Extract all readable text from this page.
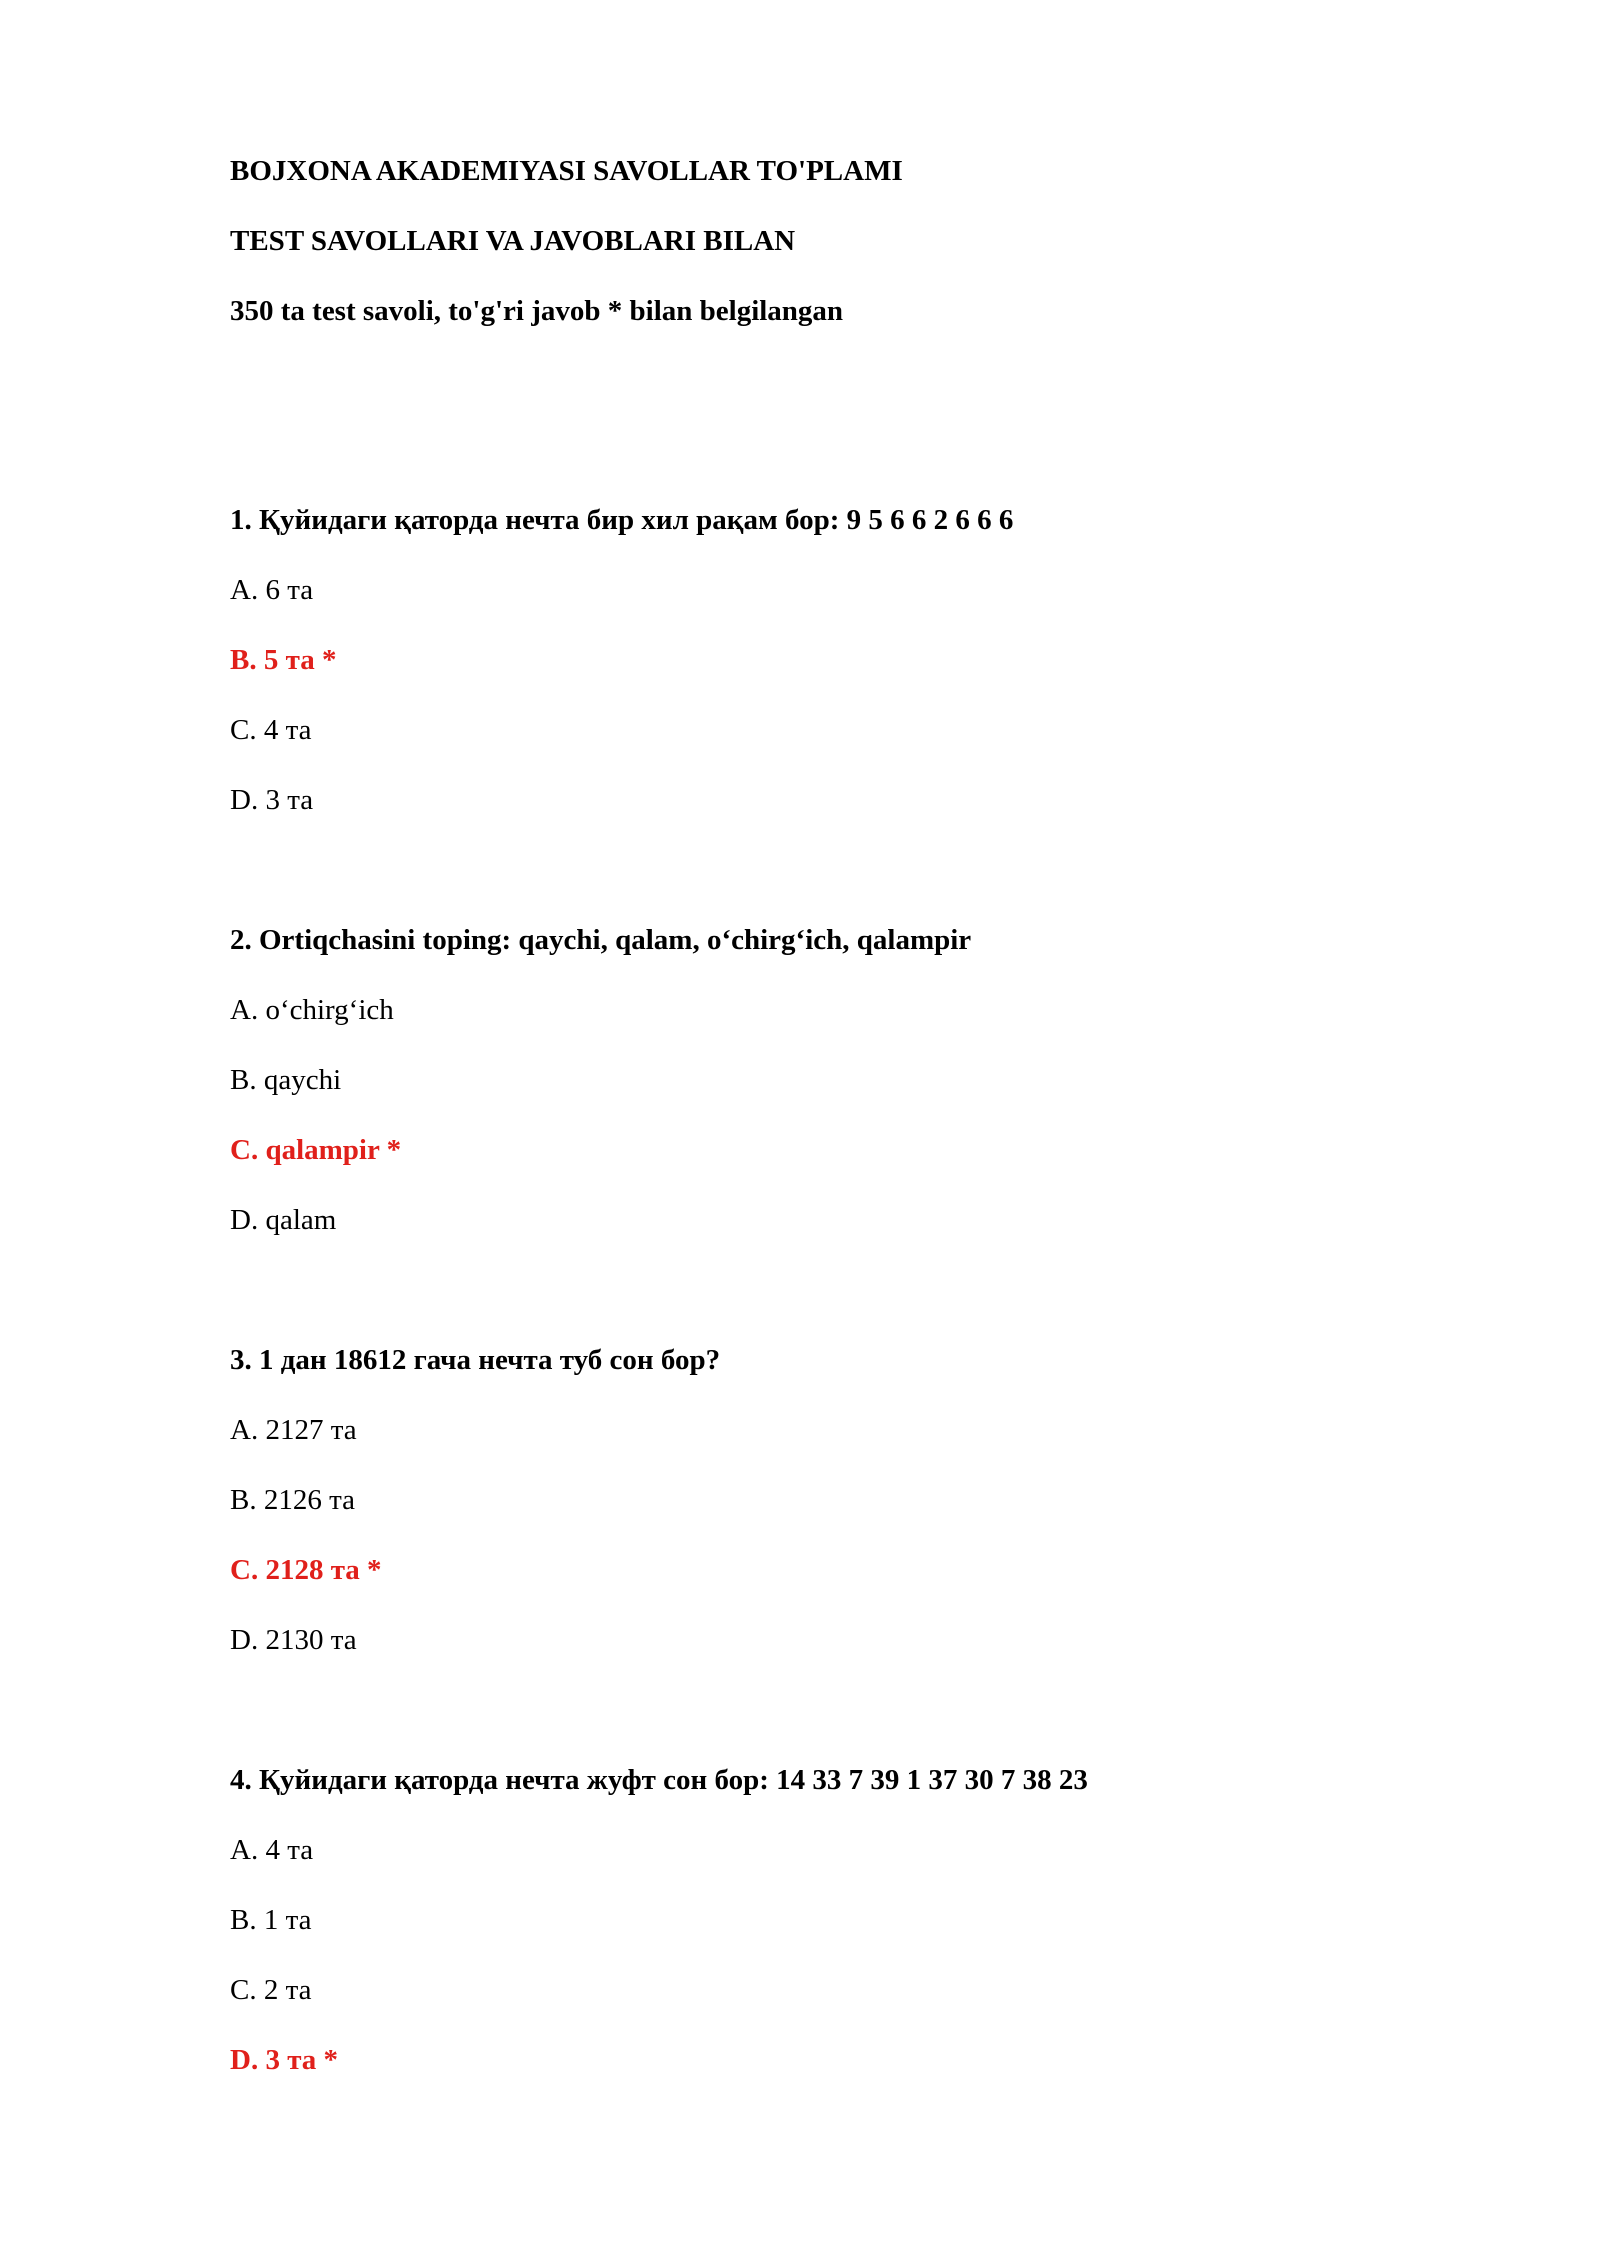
BOJXONA AKADEMIYASI SAVOLLAR TO'PLAMI
TEST SAVOLLARI VA JAVOBLARI BILAN
350 ta test savoli, to'g'ri javob * bilan belgilangan
1. Қуйидаги қаторда нечта бир хил рақам бор: 9 5 6 6 2 6 6 6
A. 6 та
B. 5 та *
C. 4 та
D. 3 та
2. Ortiqchasini toping: qaychi, qalam, o‘chirg‘ich, qalampir
A. o‘chirg‘ich
B. qaychi
C. qalampir *
D. qalam
3. 1 дан 18612 гача нечта туб сон бор?
A. 2127 та
B. 2126 та
C. 2128 та *
D. 2130 та
4. Қуйидаги қаторда нечта жуфт сон бор: 14 33 7 39 1 37 30 7 38 23
A. 4 та
B. 1 та
C. 2 та
D. 3 та *
